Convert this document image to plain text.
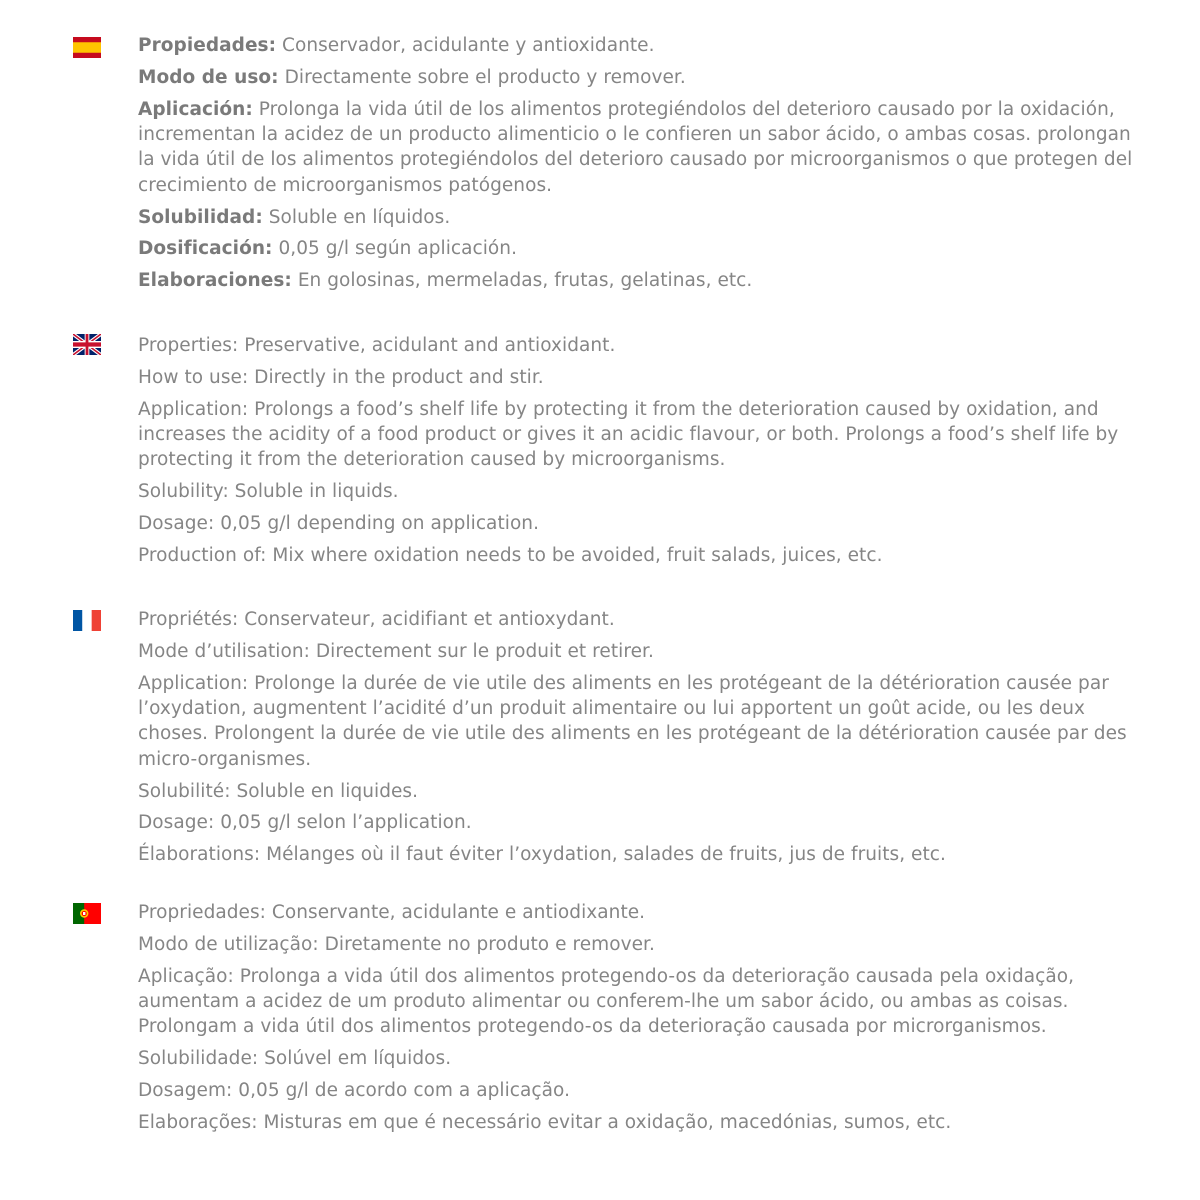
Propiedades: Conservador, acidulante y antioxidante.

Modo de uso: Directamente sobre el producto y remover.

Aplicación: Prolonga la vida útil de los alimentos protegiéndolos del deterioro causado por la oxidación, incrementan la acidez de un producto alimenticio o le confieren un sabor ácido, o ambas cosas. prolongan la vida útil de los alimentos protegiéndolos del deterioro causado por microorganismos o que protegen del crecimiento de microorganismos patógenos.

Solubilidad: Soluble en líquidos.

Dosificación: 0,05 g/l según aplicación.

Elaboraciones: En golosinas, mermeladas, frutas, gelatinas, etc.

Properties: Preservative, acidulant and antioxidant.

How to use: Directly in the product and stir.

Application: Prolongs a food’s shelf life by protecting it from the deterioration caused by oxidation, and increases the acidity of a food product or gives it an acidic flavour, or both. Prolongs a food’s shelf life by protecting it from the deterioration caused by microorganisms.

Solubility: Soluble in liquids.

Dosage: 0,05 g/l depending on application.

Production of: Mix where oxidation needs to be avoided, fruit salads, juices, etc.

Propriétés: Conservateur, acidifiant et antioxydant.

Mode d’utilisation: Directement sur le produit et retirer.

Application: Prolonge la durée de vie utile des aliments en les protégeant de la détérioration causée par l’oxydation, augmentent l’acidité d’un produit alimentaire ou lui apportent un goût acide, ou les deux choses. Prolongent la durée de vie utile des aliments en les protégeant de la détérioration causée par des micro-organismes.

Solubilité: Soluble en liquides.

Dosage: 0,05 g/l selon l’application.

Élaborations: Mélanges où il faut éviter l’oxydation, salades de fruits, jus de fruits, etc.

Propriedades: Conservante, acidulante e antiodixante.

Modo de utilização: Diretamente no produto e remover.

Aplicação: Prolonga a vida útil dos alimentos protegendo-os da deterioração causada pela oxidação, aumentam a acidez de um produto alimentar ou conferem-lhe um sabor ácido, ou ambas as coisas. Prolongam a vida útil dos alimentos protegendo-os da deterioração causada por microrganismos.

Solubilidade: Solúvel em líquidos.

Dosagem: 0,05 g/l de acordo com a aplicação.

Elaborações: Misturas em que é necessário evitar a oxidação, macedónias, sumos, etc.
